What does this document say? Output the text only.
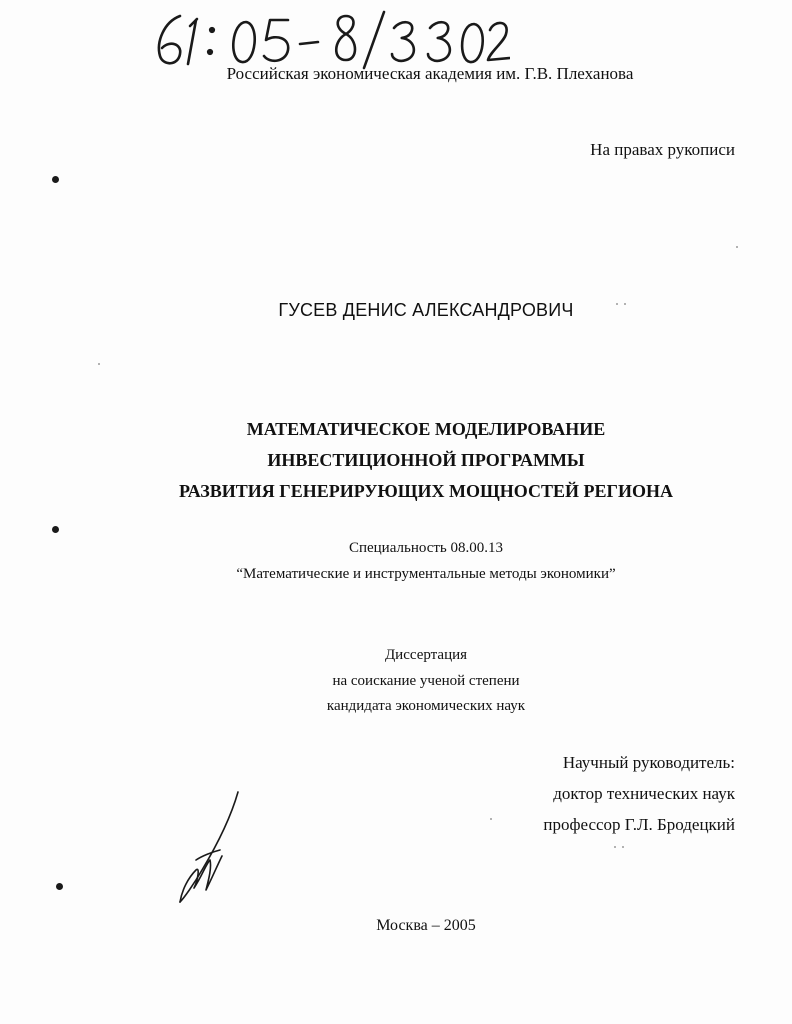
Российская экономическая академия им. Г.В. Плеханова
На правах рукописи
ГУСЕВ ДЕНИС АЛЕКСАНДРОВИЧ
МАТЕМАТИЧЕСКОЕ МОДЕЛИРОВАНИЕ
ИНВЕСТИЦИОННОЙ ПРОГРАММЫ
РАЗВИТИЯ ГЕНЕРИРУЮЩИХ МОЩНОСТЕЙ РЕГИОНА
Специальность 08.00.13
“Математические и инструментальные методы экономики”
Диссертация
на соискание ученой степени
кандидата экономических наук
Научный руководитель:
доктор технических наук
профессор Г.Л. Бродецкий
Москва – 2005
